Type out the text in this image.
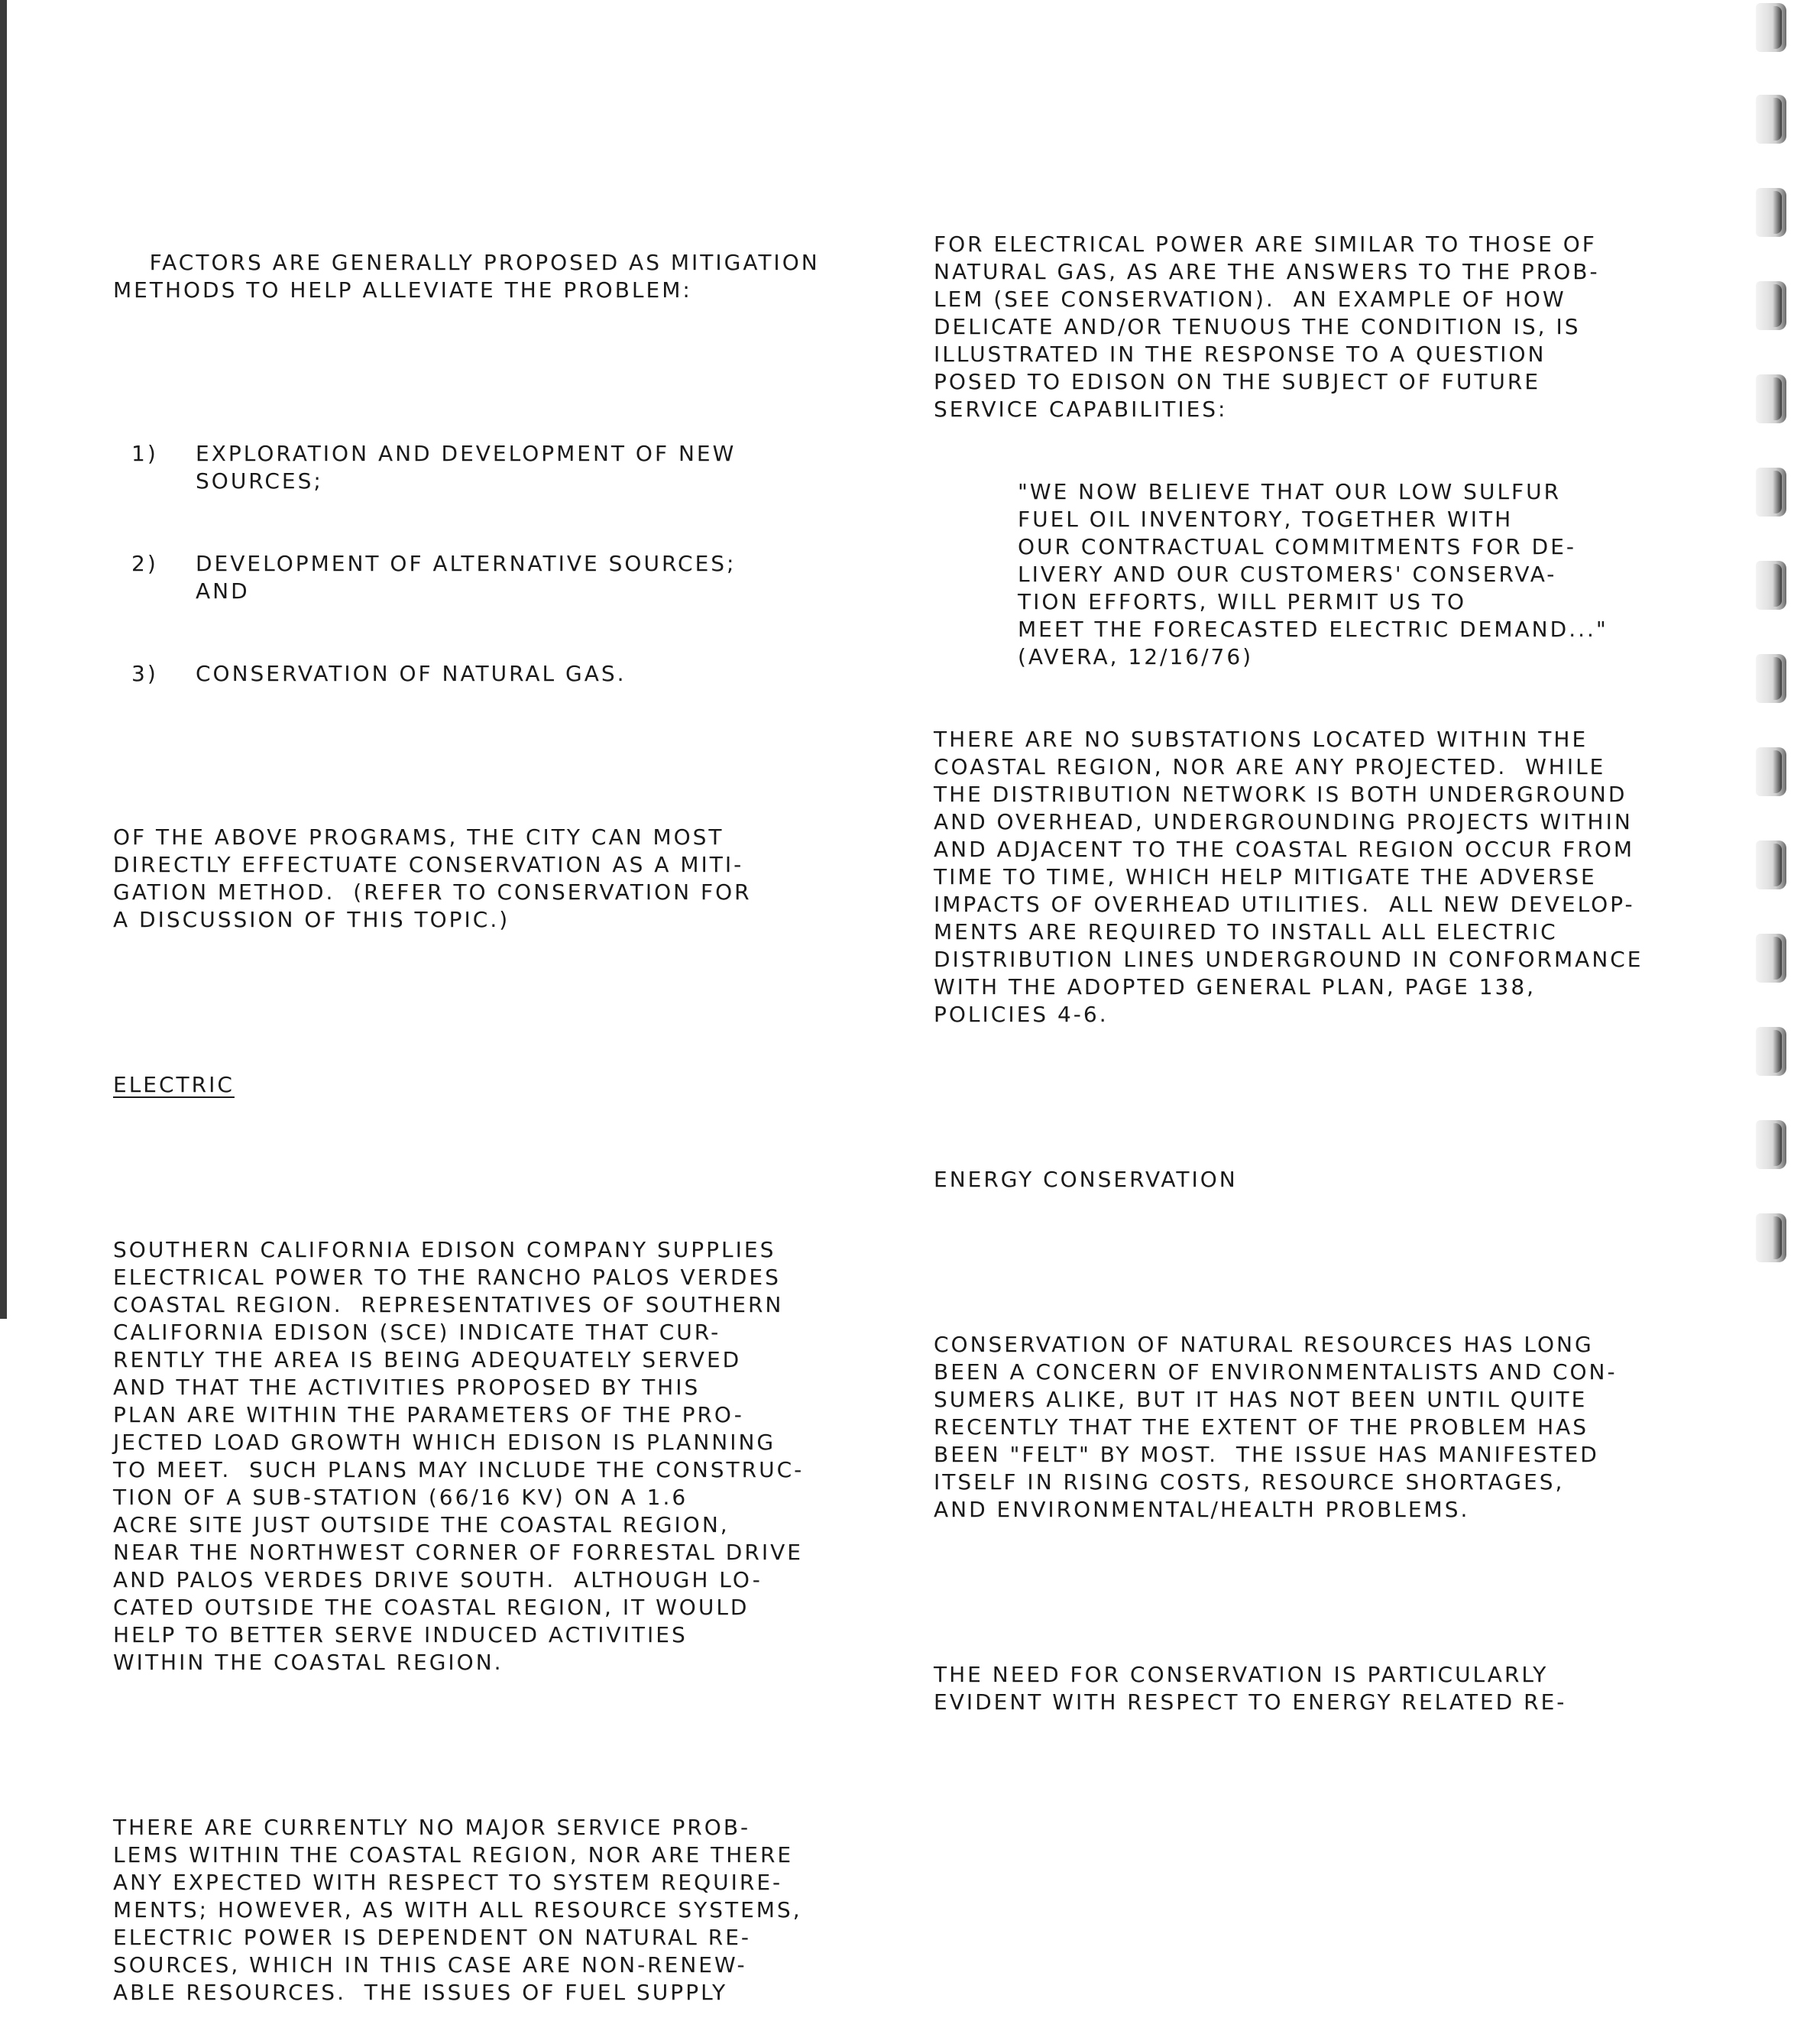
FACTORS ARE GENERALLY PROPOSED AS MITIGATION
METHODS TO HELP ALLEVIATE THE PROBLEM:

1)	EXPLORATION AND DEVELOPMENT OF NEW
SOURCES;

2)	DEVELOPMENT OF ALTERNATIVE SOURCES;
AND

3)	CONSERVATION OF NATURAL GAS.

OF THE ABOVE PROGRAMS, THE CITY CAN MOST
DIRECTLY EFFECTUATE CONSERVATION AS A MITI-
GATION METHOD.  (REFER TO CONSERVATION FOR
A DISCUSSION OF THIS TOPIC.)

ELECTRIC

SOUTHERN CALIFORNIA EDISON COMPANY SUPPLIES
ELECTRICAL POWER TO THE RANCHO PALOS VERDES
COASTAL REGION.  REPRESENTATIVES OF SOUTHERN
CALIFORNIA EDISON (SCE) INDICATE THAT CUR-
RENTLY THE AREA IS BEING ADEQUATELY SERVED
AND THAT THE ACTIVITIES PROPOSED BY THIS
PLAN ARE WITHIN THE PARAMETERS OF THE PRO-
JECTED LOAD GROWTH WHICH EDISON IS PLANNING
TO MEET.  SUCH PLANS MAY INCLUDE THE CONSTRUC-
TION OF A SUB-STATION (66/16 KV) ON A 1.6
ACRE SITE JUST OUTSIDE THE COASTAL REGION,
NEAR THE NORTHWEST CORNER OF FORRESTAL DRIVE
AND PALOS VERDES DRIVE SOUTH.  ALTHOUGH LO-
CATED OUTSIDE THE COASTAL REGION, IT WOULD
HELP TO BETTER SERVE INDUCED ACTIVITIES
WITHIN THE COASTAL REGION.

THERE ARE CURRENTLY NO MAJOR SERVICE PROB-
LEMS WITHIN THE COASTAL REGION, NOR ARE THERE
ANY EXPECTED WITH RESPECT TO SYSTEM REQUIRE-
MENTS; HOWEVER, AS WITH ALL RESOURCE SYSTEMS,
ELECTRIC POWER IS DEPENDENT ON NATURAL RE-
SOURCES, WHICH IN THIS CASE ARE NON-RENEW-
ABLE RESOURCES.  THE ISSUES OF FUEL SUPPLY

FOR ELECTRICAL POWER ARE SIMILAR TO THOSE OF
NATURAL GAS, AS ARE THE ANSWERS TO THE PROB-
LEM (SEE CONSERVATION).  AN EXAMPLE OF HOW
DELICATE AND/OR TENUOUS THE CONDITION IS, IS
ILLUSTRATED IN THE RESPONSE TO A QUESTION
POSED TO EDISON ON THE SUBJECT OF FUTURE
SERVICE CAPABILITIES:

"WE NOW BELIEVE THAT OUR LOW SULFUR
FUEL OIL INVENTORY, TOGETHER WITH
OUR CONTRACTUAL COMMITMENTS FOR DE-
LIVERY AND OUR CUSTOMERS' CONSERVA-
TION EFFORTS, WILL PERMIT US TO
MEET THE FORECASTED ELECTRIC DEMAND..."
(AVERA, 12/16/76)

THERE ARE NO SUBSTATIONS LOCATED WITHIN THE
COASTAL REGION, NOR ARE ANY PROJECTED.  WHILE
THE DISTRIBUTION NETWORK IS BOTH UNDERGROUND
AND OVERHEAD, UNDERGROUNDING PROJECTS WITHIN
AND ADJACENT TO THE COASTAL REGION OCCUR FROM
TIME TO TIME, WHICH HELP MITIGATE THE ADVERSE
IMPACTS OF OVERHEAD UTILITIES.  ALL NEW DEVELOP-
MENTS ARE REQUIRED TO INSTALL ALL ELECTRIC
DISTRIBUTION LINES UNDERGROUND IN CONFORMANCE
WITH THE ADOPTED GENERAL PLAN, PAGE 138,
POLICIES 4-6.

ENERGY CONSERVATION

CONSERVATION OF NATURAL RESOURCES HAS LONG
BEEN A CONCERN OF ENVIRONMENTALISTS AND CON-
SUMERS ALIKE, BUT IT HAS NOT BEEN UNTIL QUITE
RECENTLY THAT THE EXTENT OF THE PROBLEM HAS
BEEN "FELT" BY MOST.  THE ISSUE HAS MANIFESTED
ITSELF IN RISING COSTS, RESOURCE SHORTAGES,
AND ENVIRONMENTAL/HEALTH PROBLEMS.

THE NEED FOR CONSERVATION IS PARTICULARLY
EVIDENT WITH RESPECT TO ENERGY RELATED RE-
